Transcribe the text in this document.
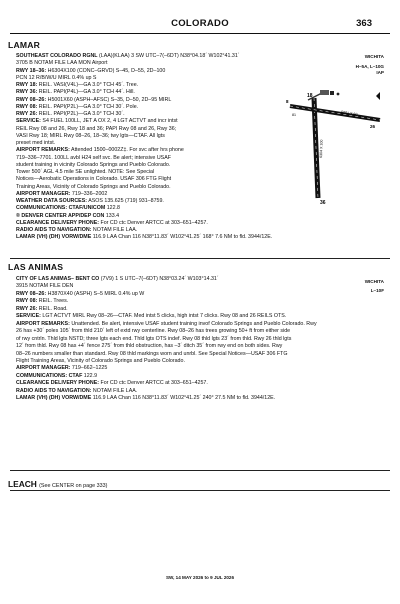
COLORADO	363
LAMAR
SOUTHEAST COLORADO RGNL (LAA)(KLAA) 3 SW UTC–7(–6DT) N38°04.18´ W102°41.31´
3705 B NOTAM FILE LAA MON Airport
RWY 18–36: H6304X100 (CONC–GRVD) S–45, D–55, 2D–100
PCN 12 R/B/W/U MIRL 0.4% up S
RWY 18: REIL. VASI(V4L)—GA 3.0° TCH 45´. Tree.
RWY 36: REIL. PAPI(P4L)—GA 3.0° TCH 44´. Hill.
RWY 08–26: H5001X60 (ASPH–AFSC) S–35, D–50, 2D–95 MIRL
RWY 08: REIL. PAPI(P2L)—GA 3.0° TCH 30´. Pole.
RWY 26: REIL. PAPI(P2L)—GA 3.0° TCH 30´.
SERVICE: S4 FUEL 100LL, JET A OX 2, 4 LGT ACTVT and incr intst
REIL Rwy 08 and 26, Rwy 18 and 36; PAPI Rwy 08 and 26, Rwy 36;
VASI Rwy 18; MIRL Rwy 08–26, 18–36; twy lgts—CTAF. All lgts
preset med intst.
AIRPORT REMARKS: Attended 1500–0002Z‡. For svc after hrs phone
719–336–7701. 100LL avbl H24 self svc. Be alert; intensive USAF
student training in vicinity Colorado Springs and Pueblo Colorado.
Tower 500´ AGL 4.5 mile SE unlighted. NOTE: See Special
Notices—Aerobatic Operations in Colorado. USAF 306 FTG Flight
Training Areas, Vicinity of Colorado Springs and Pueblo Colorado.
AIRPORT MANAGER: 719–336–2002
WEATHER DATA SOURCES: ASOS 135.625 (719) 931–8759.
COMMUNICATIONS: CTAF/UNICOM 122.8
® DENVER CENTER APP/DEP CON 133.4
CLEARANCE DELIVERY PHONE: For CD ctc Denver ARTCC at 303–651–4257.
RADIO AIDS TO NAVIGATION: NOTAM FILE LAA.
LAMAR (VH) (DH) VORW/DME 116.9 LAA Chan 116 N38°11.83´ W102°41.25´ 168° 7.6 NM to fld. 3944/12E.
WICHITA
H–5A, L–10G
IAP
18
36
8
26
5001 X 60
6304 X 100
81
LAS ANIMAS
CITY OF LAS ANIMAS– BENT CO (7V9) 1 S UTC–7(–6DT) N38°03.24´ W103°14.31´
3915 NOTAM FILE DEN
RWY 08–26: H3870X40 (ASPH) S–5 MIRL 0.4% up W
RWY 08: REIL. Trees.
RWY 26: REIL. Road.
SERVICE: LGT ACTVT MIRL Rwy 08–26—CTAF. Med intst 5 clicks, high intst 7 clicks. Rwy 08 and 26 REILS OTS.
AIRPORT REMARKS: Unattended. Be alert, intensive USAF student training invof Colorado Springs and Pueblo Colorado. Rwy
26 has +30´ poles 105´ from thld 210´ left of extd rwy centerline. Rwy 08–26 has trees growing 50+ ft from either side
of rwy cntrln. Thld lgts NSTD; three lgts each end. Thld lgts OTS indef. Rwy 08 thld lgts 23´ from thld. Rwy 26 thld lgts
12´ from thld. Rwy 08 has +4´ fence 275´ from thld obstruction, has –3´ ditch 35´ from rwy end on both sides. Rwy
08–26 numbers smaller than standard. Rwy 08 thld markings worn and unrbl. See Special Notices—USAF 306 FTG
Flight Training Areas, Vicinity of Colorado Springs and Pueblo Colorado.
AIRPORT MANAGER: 719–662–1225
COMMUNICATIONS: CTAF 122.9
CLEARANCE DELIVERY PHONE: For CD ctc Denver ARTCC at 303–651–4257.
RADIO AIDS TO NAVIGATION: NOTAM FILE LAA.
LAMAR (VH) (DH) VORW/DME 116.9 LAA Chan 116 N38°11.83´ W102°41.25´ 240° 27.5 NM to fld. 3944/12E.
WICHITA
L–10F
LEACH (See CENTER on page 333)
SW, 14 MAY 2026 to 9 JUL 2026
